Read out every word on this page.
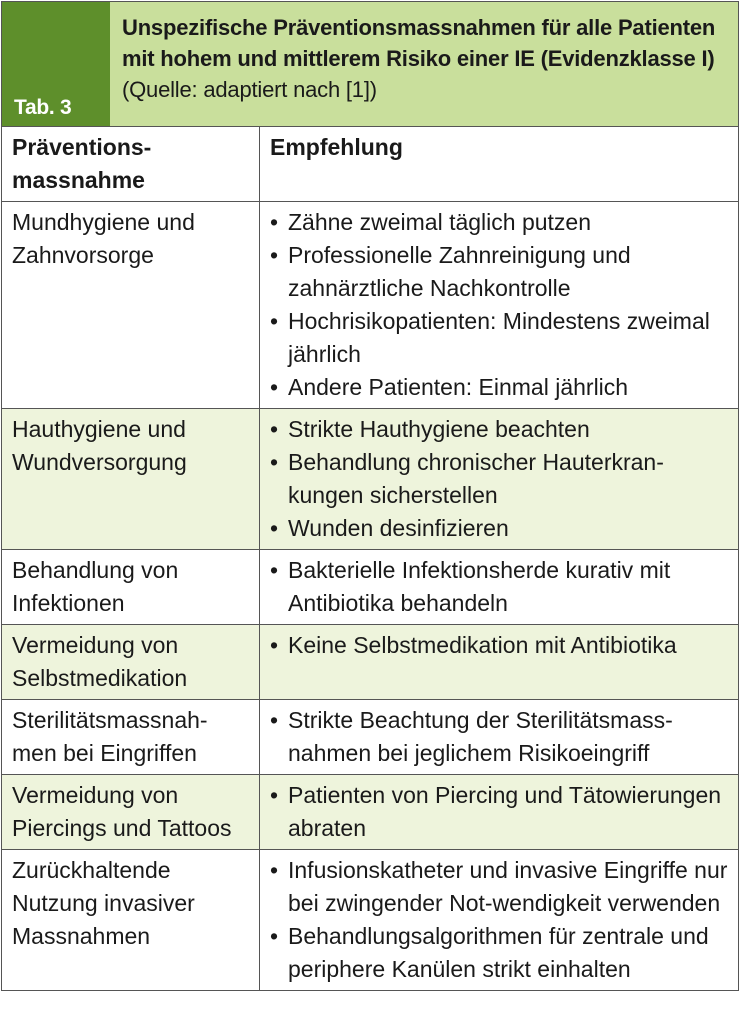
Tab. 3
Unspezifische Präventionsmassnahmen für alle Patienten mit hohem und mittlerem Risiko einer IE (Evidenzklasse I) (Quelle: adaptiert nach [1])
Präventions-
massnahme
Empfehlung
Mundhygiene und Zahnvorsorge
• Zähne zweimal täglich putzen
• Professionelle Zahnreinigung und zahnärztliche Nachkontrolle
• Hochrisikopatienten: Mindestens zweimal jährlich
• Andere Patienten: Einmal jährlich
Hauthygiene und Wundversorgung
• Strikte Hauthygiene beachten
• Behandlung chronischer Hauterkran-kungen sicherstellen
• Wunden desinfizieren
Behandlung von Infektionen
• Bakterielle Infektionsherde kurativ mit Antibiotika behandeln
Vermeidung von Selbstmedikation
• Keine Selbstmedikation mit Antibiotika
Sterilitätsmassnah-men bei Eingriffen
• Strikte Beachtung der Sterilitätsmass-nahmen bei jeglichem Risikoeingriff
Vermeidung von Piercings und Tattoos
• Patienten von Piercing und Tätowierungen abraten
Zurückhaltende Nutzung invasiver Massnahmen
• Infusionskatheter und invasive Eingriffe nur bei zwingender Not-wendigkeit verwenden
• Behandlungsalgorithmen für zentrale und periphere Kanülen strikt einhalten
